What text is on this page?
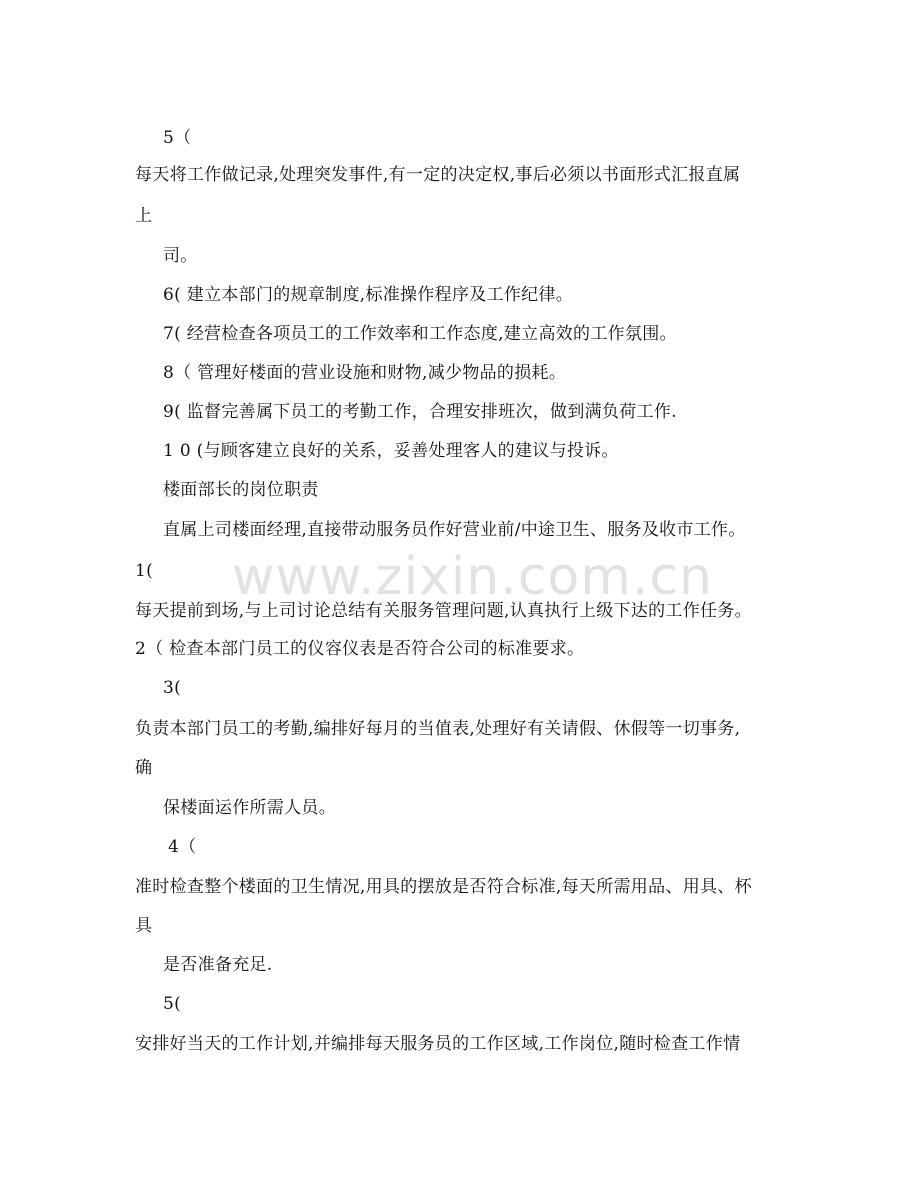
www.zixin.com.cn
5（
每天将工作做记录,处理突发事件,有一定的决定权,事后必须以书面形式汇报直属
上
司。
6( 建立本部门的规章制度,标准操作程序及工作纪律。
7( 经营检查各项员工的工作效率和工作态度,建立高效的工作氛围。
8（ 管理好楼面的营业设施和财物,减少物品的损耗。
9( 监督完善属下员工的考勤工作，合理安排班次，做到满负荷工作.
1 0 (与顾客建立良好的关系，妥善处理客人的建议与投诉。
楼面部长的岗位职责
直属上司楼面经理,直接带动服务员作好营业前/中途卫生、服务及收市工作。
1(
每天提前到场,与上司讨论总结有关服务管理问题,认真执行上级下达的工作任务。
2（ 检查本部门员工的仪容仪表是否符合公司的标准要求。
3(
负责本部门员工的考勤,编排好每月的当值表,处理好有关请假、休假等一切事务,
确
保楼面运作所需人员。
4（
准时检查整个楼面的卫生情况,用具的摆放是否符合标准,每天所需用品、用具、杯
具
是否准备充足.
5(
安排好当天的工作计划,并编排每天服务员的工作区域,工作岗位,随时检查工作情
